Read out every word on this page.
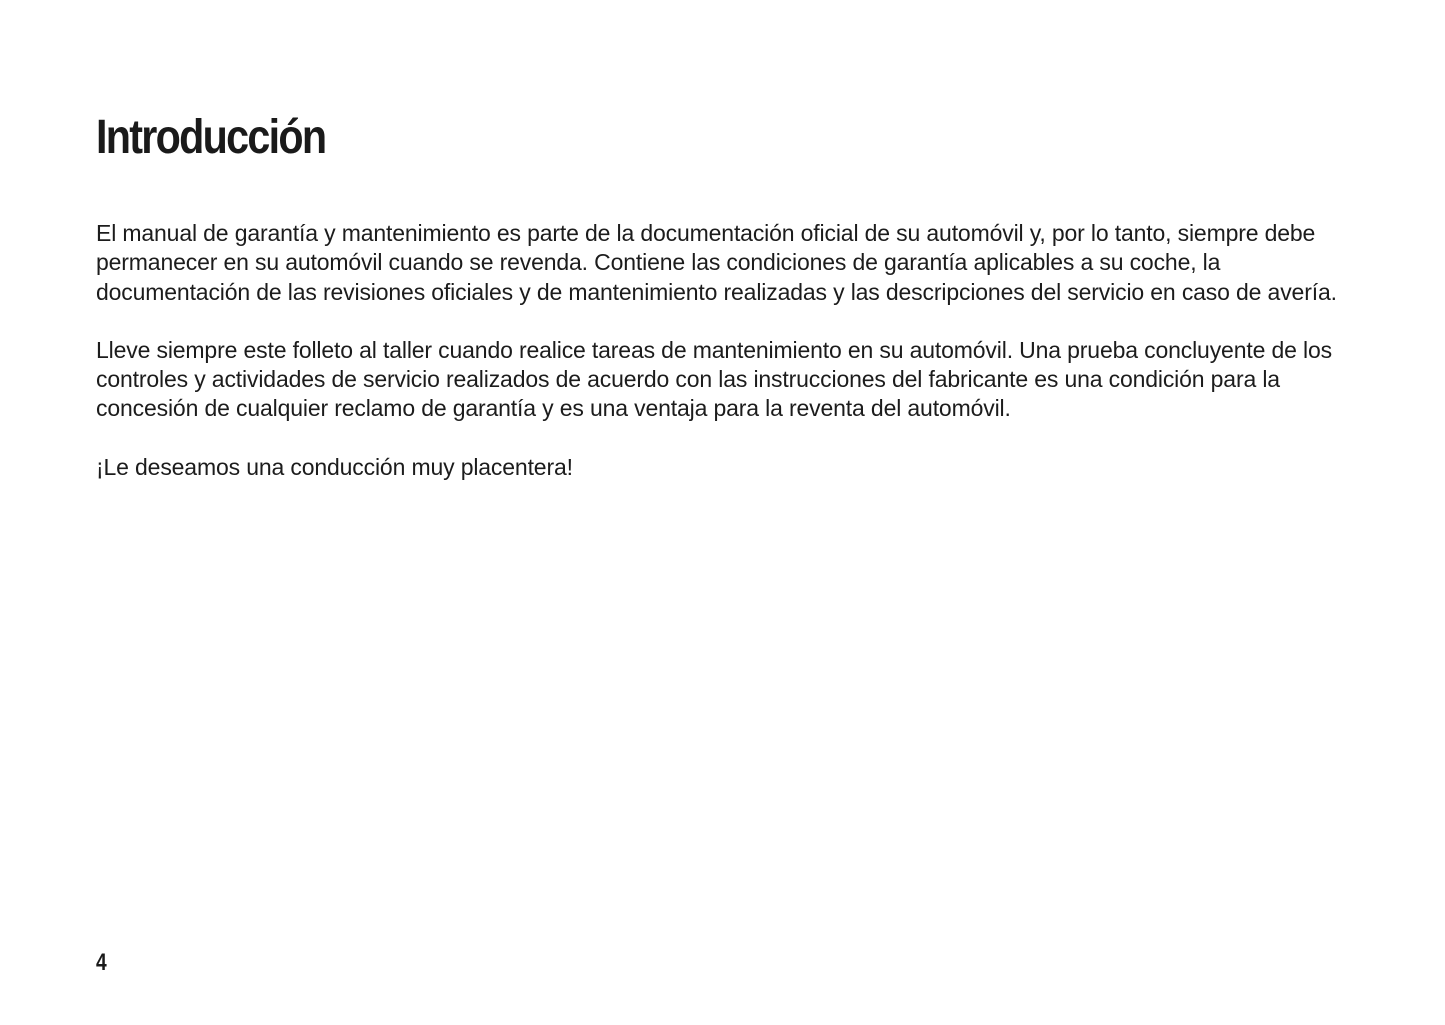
Introducción

El manual de garantía y mantenimiento es parte de la documentación oficial de su automóvil y, por lo tanto, siempre debe permanecer en su automóvil cuando se revenda. Contiene las condiciones de garantía aplicables a su coche, la documentación de las revisiones oficiales y de mantenimiento realizadas y las descripciones del servicio en caso de avería.

Lleve siempre este folleto al taller cuando realice tareas de mantenimiento en su automóvil. Una prueba concluyente de los controles y actividades de servicio realizados de acuerdo con las instrucciones del fabricante es una condición para la concesión de cualquier reclamo de garantía y es una ventaja para la reventa del automóvil.

¡Le deseamos una conducción muy placentera!

4
